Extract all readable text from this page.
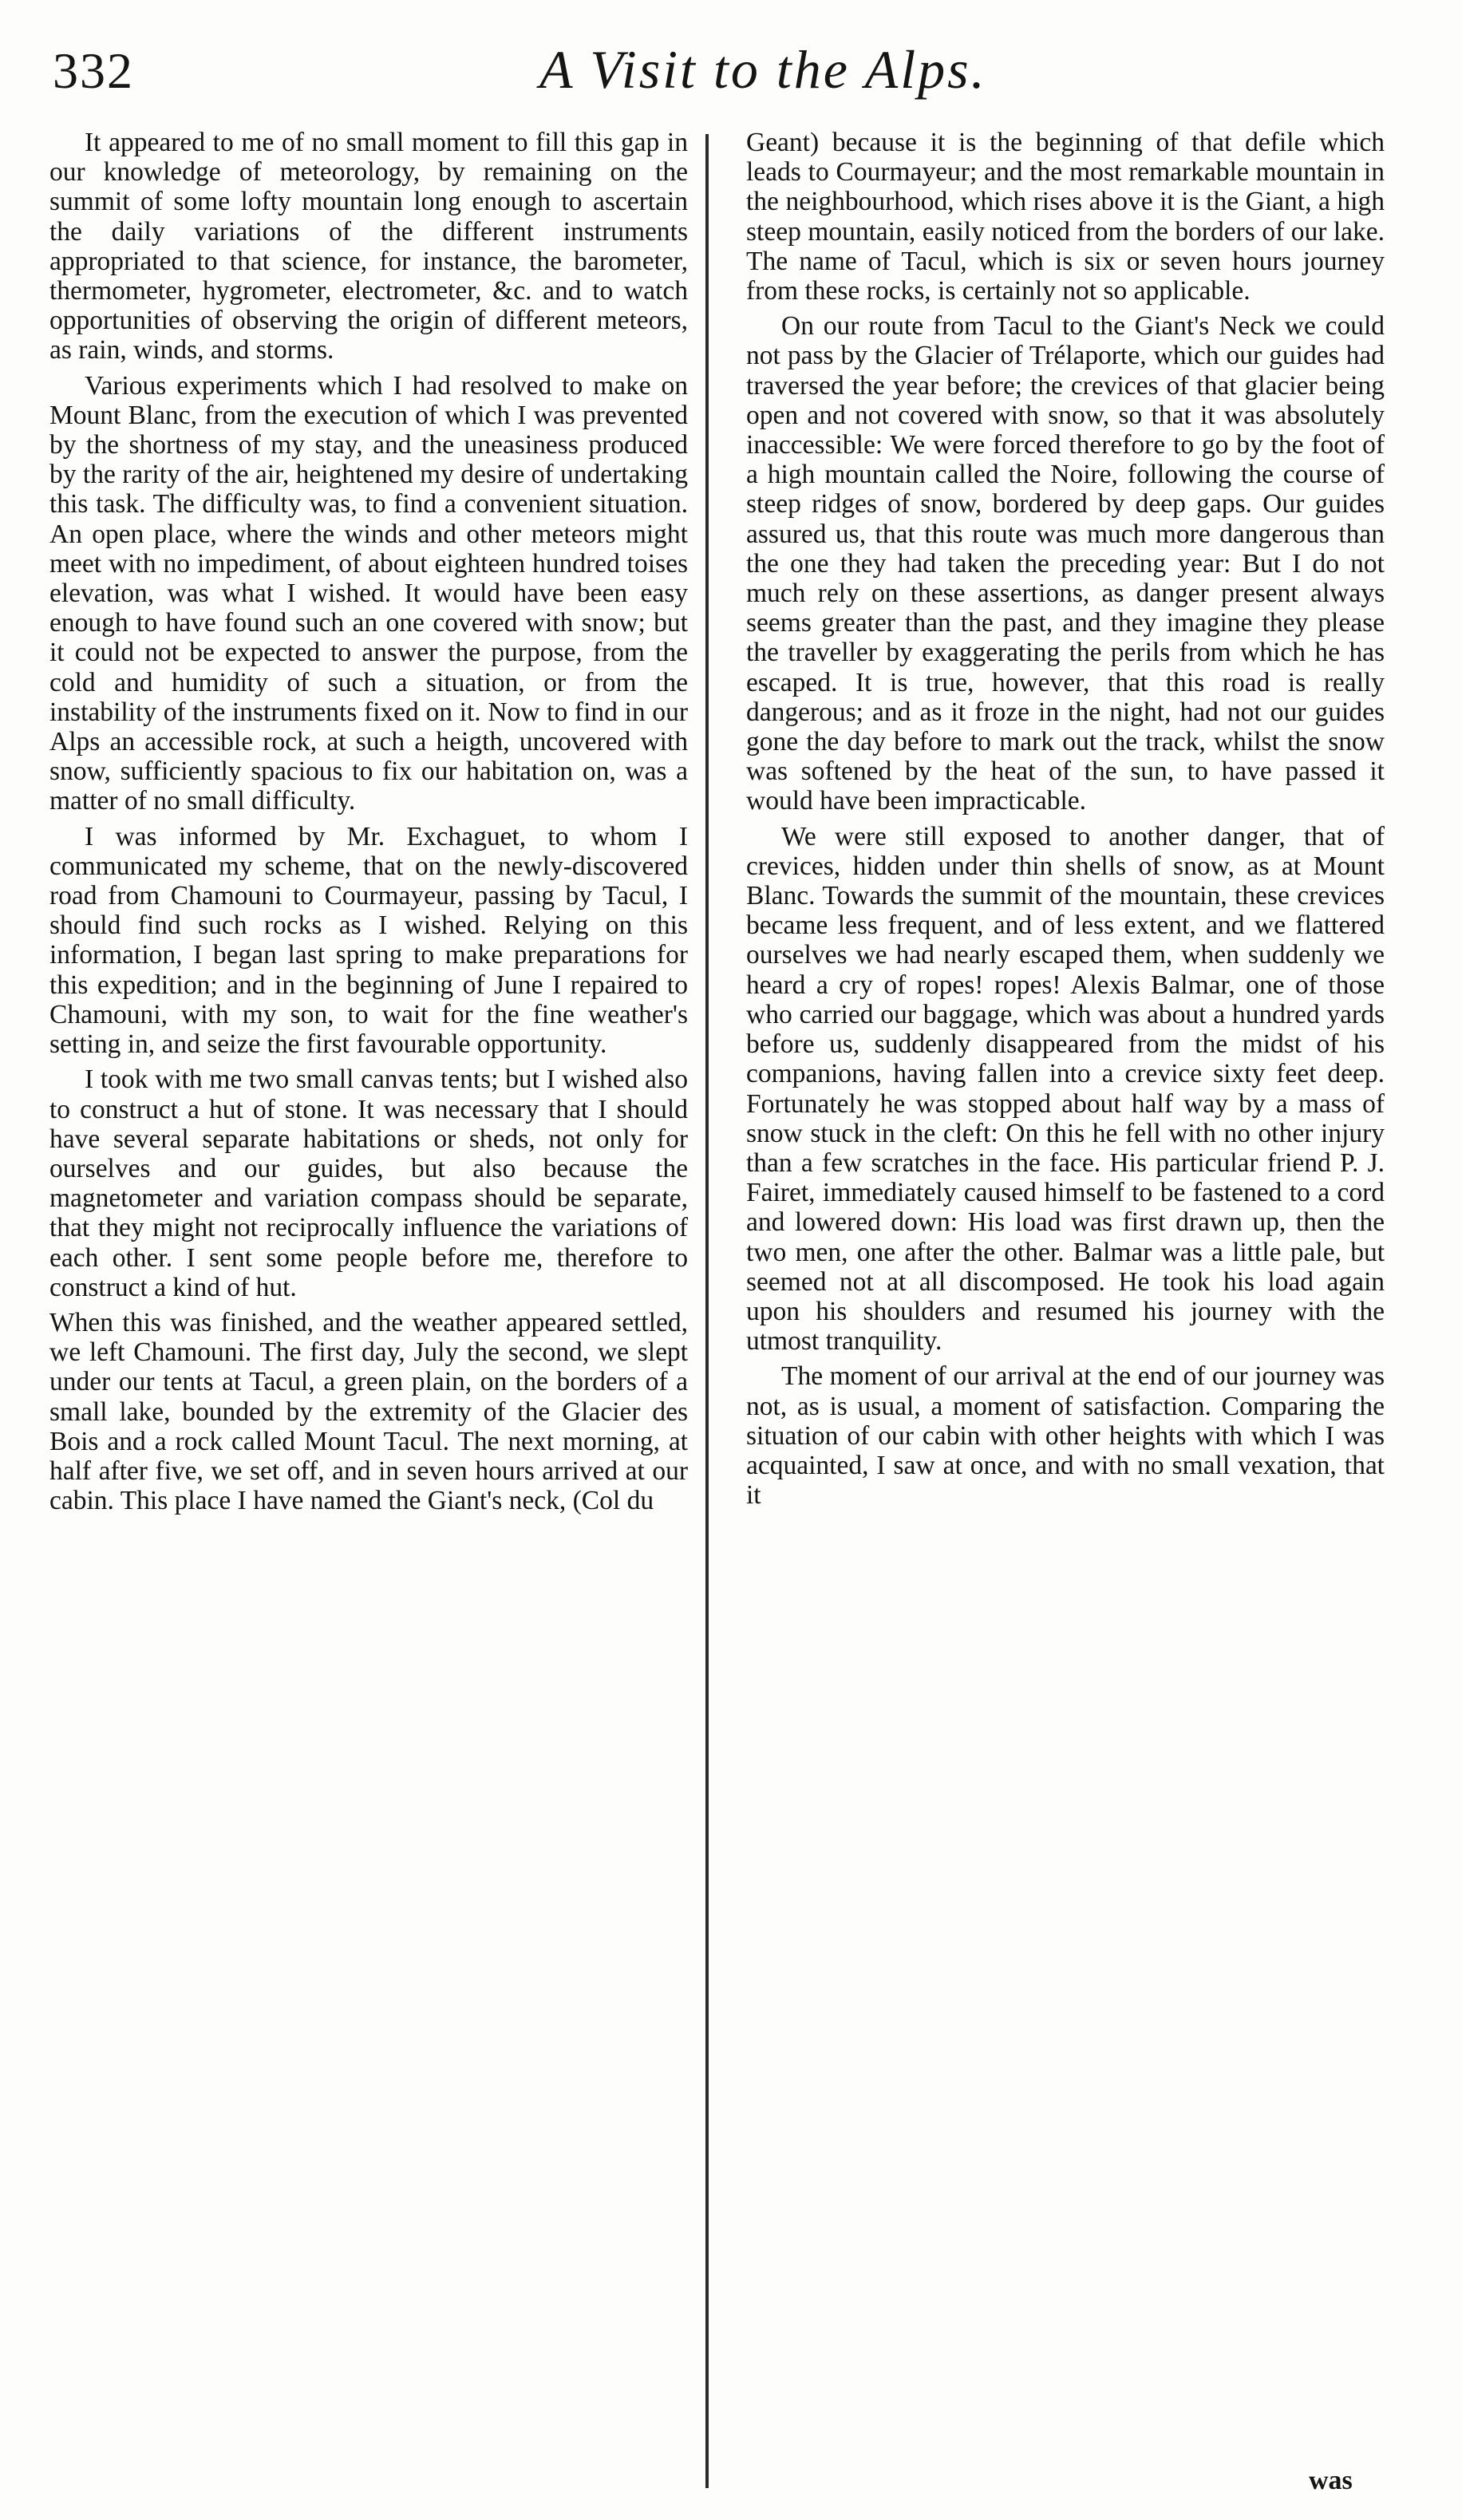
332	A Visit to the Alps.

It appeared to me of no small moment to fill this gap in our knowledge of meteorology, by remaining on the summit of some lofty mountain long enough to ascertain the daily variations of the different instruments appropriated to that science, for instance, the barometer, thermometer, hygrometer, electrometer, &c. and to watch opportunities of observing the origin of different meteors, as rain, winds, and storms.

Various experiments which I had resolved to make on Mount Blanc, from the execution of which I was prevented by the shortness of my stay, and the uneasiness produced by the rarity of the air, heightened my desire of undertaking this task. The difficulty was, to find a convenient situation. An open place, where the winds and other meteors might meet with no impediment, of about eighteen hundred toises elevation, was what I wished. It would have been easy enough to have found such an one covered with snow; but it could not be expected to answer the purpose, from the cold and humidity of such a situation, or from the instability of the instruments fixed on it. Now to find in our Alps an accessible rock, at such a heigth, uncovered with snow, sufficiently spacious to fix our habitation on, was a matter of no small difficulty.

I was informed by Mr. Exchaguet, to whom I communicated my scheme, that on the newly-discovered road from Chamouni to Courmayeur, passing by Tacul, I should find such rocks as I wished. Relying on this information, I began last spring to make preparations for this expedition; and in the beginning of June I repaired to Chamouni, with my son, to wait for the fine weather's setting in, and seize the first favourable opportunity.

I took with me two small canvas tents; but I wished also to construct a hut of stone. It was necessary that I should have several separate habitations or sheds, not only for ourselves and our guides, but also because the magnetometer and variation compass should be separate, that they might not reciprocally influence the variations of each other. I sent some people before me, therefore to construct a kind of hut.

When this was finished, and the weather appeared settled, we left Chamouni. The first day, July the second, we slept under our tents at Tacul, a green plain, on the borders of a small lake, bounded by the extremity of the Glacier des Bois and a rock called Mount Tacul. The next morning, at half after five, we set off, and in seven hours arrived at our cabin. This place I have named the Giant's neck, (Col du

Geant) because it is the beginning of that defile which leads to Courmayeur; and the most remarkable mountain in the neighbourhood, which rises above it is the Giant, a high steep mountain, easily noticed from the borders of our lake. The name of Tacul, which is six or seven hours journey from these rocks, is certainly not so applicable.

On our route from Tacul to the Giant's Neck we could not pass by the Glacier of Trélaporte, which our guides had traversed the year before; the crevices of that glacier being open and not covered with snow, so that it was absolutely inaccessible: We were forced therefore to go by the foot of a high mountain called the Noire, following the course of steep ridges of snow, bordered by deep gaps. Our guides assured us, that this route was much more dangerous than the one they had taken the preceding year: But I do not much rely on these assertions, as danger present always seems greater than the past, and they imagine they please the traveller by exaggerating the perils from which he has escaped. It is true, however, that this road is really dangerous; and as it froze in the night, had not our guides gone the day before to mark out the track, whilst the snow was softened by the heat of the sun, to have passed it would have been impracticable.

We were still exposed to another danger, that of crevices, hidden under thin shells of snow, as at Mount Blanc. Towards the summit of the mountain, these crevices became less frequent, and of less extent, and we flattered ourselves we had nearly escaped them, when suddenly we heard a cry of ropes! ropes! Alexis Balmar, one of those who carried our baggage, which was about a hundred yards before us, suddenly disappeared from the midst of his companions, having fallen into a crevice sixty feet deep. Fortunately he was stopped about half way by a mass of snow stuck in the cleft: On this he fell with no other injury than a few scratches in the face. His particular friend P. J. Fairet, immediately caused himself to be fastened to a cord and lowered down: His load was first drawn up, then the two men, one after the other. Balmar was a little pale, but seemed not at all discomposed. He took his load again upon his shoulders and resumed his journey with the utmost tranquility.

The moment of our arrival at the end of our journey was not, as is usual, a moment of satisfaction. Comparing the situation of our cabin with other heights with which I was acquainted, I saw at once, and with no small vexation, that it

was
